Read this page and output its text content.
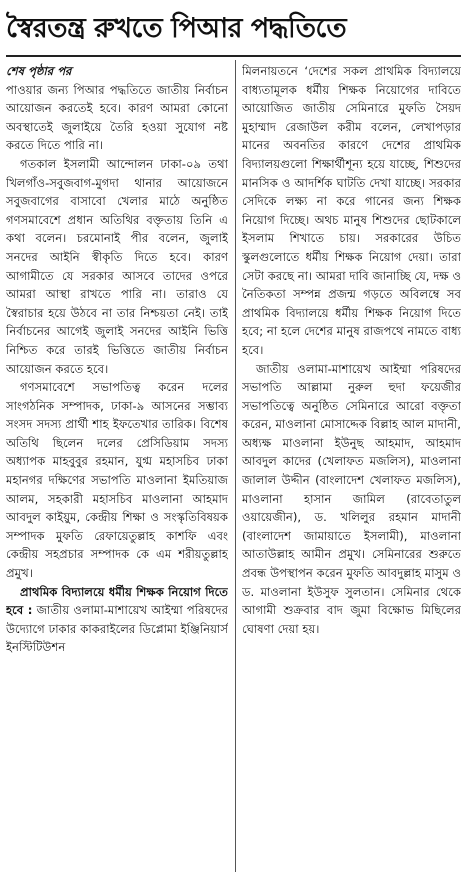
স্বৈরতন্ত্র রুখতে পিআর পদ্ধতিতে

শেষ পৃষ্ঠার পর
পাওয়ার জন্য পিআর পদ্ধতিতে জাতীয় নির্বাচন আয়োজন করতেই হবে। কারণ আমরা কোনো অবস্থাতেই জুলাইয়ে তৈরি হওয়া সুযোগ নষ্ট করতে দিতে পারি না।

গতকাল ইসলামী আন্দোলন ঢাকা-০৯ তথা খিলগাঁও-সবুজবাগ-মুগদা থানার আয়োজনে সবুজবাগের বাসাবো খেলার মাঠে অনুষ্ঠিত গণসমাবেশে প্রধান অতিথির বক্তৃতায় তিনি এ কথা বলেন। চরমোনাই পীর বলেন, জুলাই সনদের আইনি স্বীকৃতি দিতে হবে। কারণ আগামীতে যে সরকার আসবে তাদের ওপরে আমরা আস্থা রাখতে পারি না। তারাও যে স্বৈরাচার হয়ে উঠবে না তার নিশ্চয়তা নেই। তাই নির্বাচনের আগেই জুলাই সনদের আইনি ভিত্তি নিশ্চিত করে তারই ভিত্তিতে জাতীয় নির্বাচন আয়োজন করতে হবে।

গণসমাবেশে সভাপতিত্ব করেন দলের সাংগঠনিক সম্পাদক, ঢাকা-৯ আসনের সম্ভাব্য সংসদ সদস্য প্রার্থী শাহ ইফতেখার তারিক। বিশেষ অতিথি ছিলেন দলের প্রেসিডিয়াম সদস্য অধ্যাপক মাহবুবুর রহমান, যুগ্ম মহাসচিব ঢাকা মহানগর দক্ষিণের সভাপতি মাওলানা ইমতিয়াজ আলম, সহকারী মহাসচিব মাওলানা আহমাদ আবদুল কাইয়ুম, কেন্দ্রীয় শিক্ষা ও সংস্কৃতিবিষয়ক সম্পাদক মুফতি রেফায়েতুল্লাহ কাশফি এবং কেন্দ্রীয় সহপ্রচার সম্পাদক কে এম শরীয়তুল্লাহ প্রমুখ।

প্রাথমিক বিদ্যালয়ে ধর্মীয় শিক্ষক নিয়োগ দিতে হবে : জাতীয় ওলামা-মাশায়েখ আইম্মা পরিষদের উদ্যোগে ঢাকার কাকরাইলের ডিপ্লোমা ইঞ্জিনিয়ার্স ইনস্টিটিউশন

মিলনায়তনে ‘দেশের সকল প্রাথমিক বিদ্যালয়ে বাধ্যতামূলক ধর্মীয় শিক্ষক নিয়োগের দাবিতে আয়োজিত জাতীয় সেমিনারে মুফতি সৈয়দ মুহাম্মাদ রেজাউল করীম বলেন, লেখাপড়ার মানের অবনতির কারণে দেশের প্রাথমিক বিদ্যালয়গুলো শিক্ষার্থীশূন্য হয়ে যাচ্ছে, শিশুদের মানসিক ও আদর্শিক ঘাটতি দেখা যাচ্ছে। সরকার সেদিকে লক্ষ্য না করে গানের জন্য শিক্ষক নিয়োগ দিচ্ছে। অথচ মানুষ শিশুদের ছোটকালে ইসলাম শিখাতে চায়। সরকারের উচিত স্কুলগুলোতে ধর্মীয় শিক্ষক নিয়োগ দেয়া। তারা সেটা করছে না। আমরা দাবি জানাচ্ছি যে, দক্ষ ও নৈতিকতা সম্পন্ন প্রজন্ম গড়তে অবিলম্বে সব প্রাথমিক বিদ্যালয়ে ধর্মীয় শিক্ষক নিয়োগ দিতে হবে; না হলে দেশের মানুষ রাজপথে নামতে বাধ্য হবে।

জাতীয় ওলামা-মাশায়েখ আইম্মা পরিষদের সভাপতি আল্লামা নুরুল হুদা ফয়েজীর সভাপতিত্বে অনুষ্ঠিত সেমিনারে আরো বক্তৃতা করেন, মাওলানা মোসাদ্দেক বিল্লাহ আল মাদানী, অধ্যক্ষ মাওলানা ইউনুছ আহমাদ, আহমাদ আবদুল কাদের (খেলাফত মজলিস), মাওলানা জালাল উদ্দীন (বাংলাদেশ খেলাফত মজলিস), মাওলানা হাসান জামিল (রাবেতাতুল ওয়ায়েজীন), ড. খলিলুর রহমান মাদানী (বাংলাদেশ জামায়াতে ইসলামী), মাওলানা আতাউল্লাহ আমীন প্রমুখ। সেমিনারের শুরুতে প্রবন্ধ উপস্থাপন করেন মুফতি আবদুল্লাহ মাসুম ও ড. মাওলানা ইউসুফ সুলতান। সেমিনার থেকে আগামী শুক্রবার বাদ জুমা বিক্ষোভ মিছিলের ঘোষণা দেয়া হয়।
